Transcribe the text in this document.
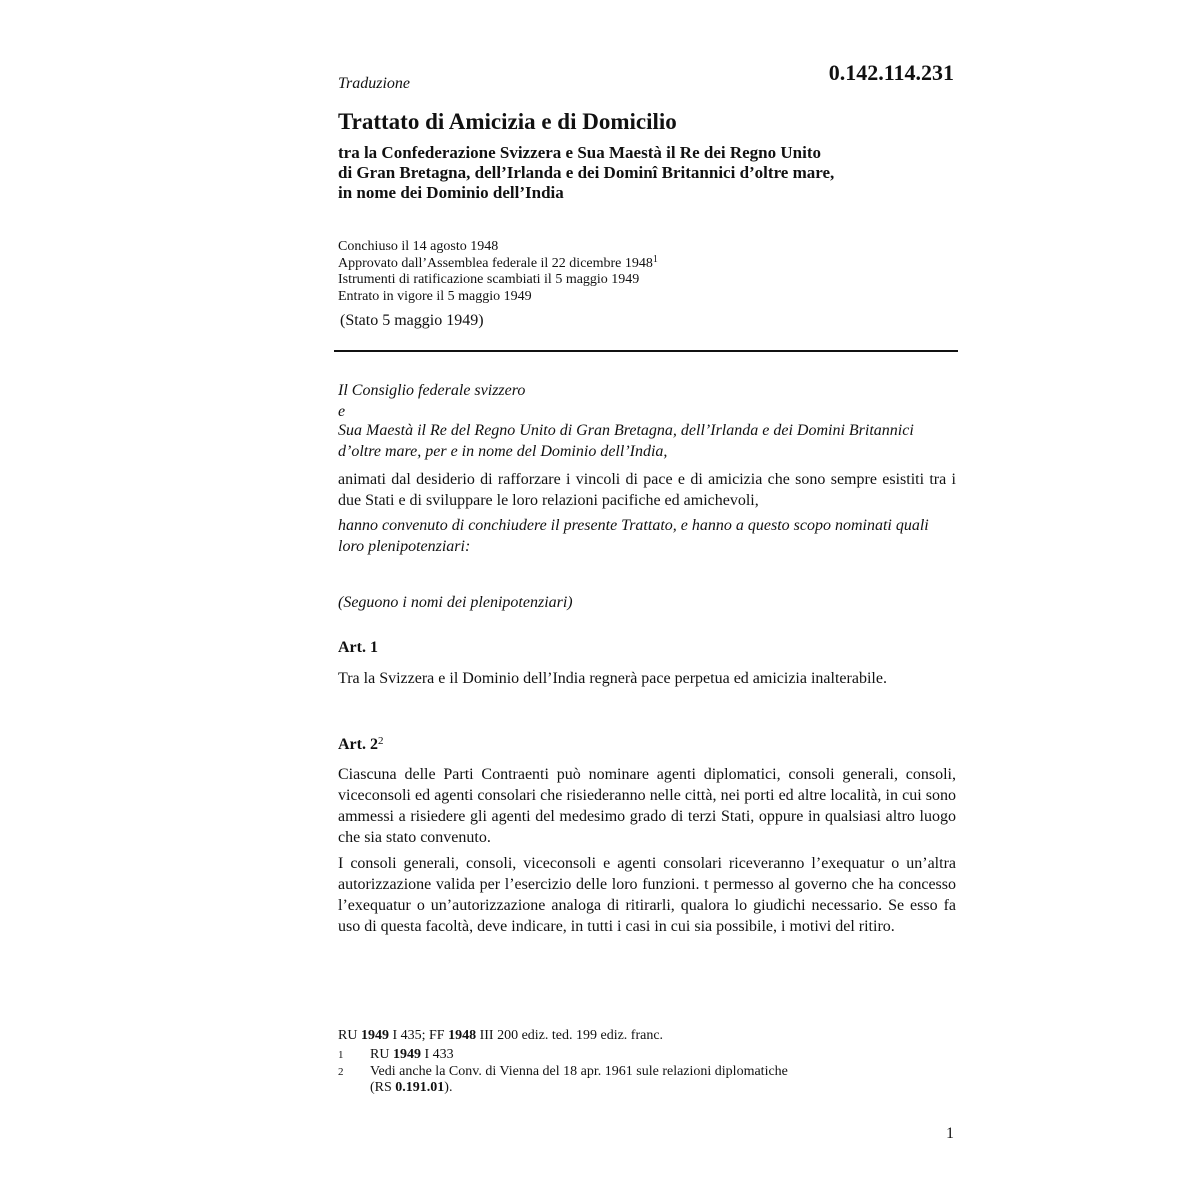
Traduzione	0.142.114.231
Trattato di Amicizia e di Domicilio
tra la Confederazione Svizzera e Sua Maestà il Re dei Regno Unito
di Gran Bretagna, dell’Irlanda e dei Dominî Britannici d’oltre mare,
in nome dei Dominio dell’India
Conchiuso il 14 agosto 1948
Approvato dall’Assemblea federale il 22 dicembre 1948$^1$
Istrumenti di ratificazione scambiati il 5 maggio 1949
Entrato in vigore il 5 maggio 1949
(Stato 5 maggio 1949)
Il Consiglio federale svizzero
e
Sua Maestà il Re del Regno Unito di Gran Bretagna, dell’Irlanda e dei Domini Britannici d’oltre mare, per e in nome del Dominio dell’India,
animati dal desiderio di rafforzare i vincoli di pace e di amicizia che sono sempre esistiti tra i due Stati e di sviluppare le loro relazioni pacifiche ed amichevoli,
hanno convenuto di conchiudere il presente Trattato, e hanno a questo scopo nominati quali loro plenipotenziari:
(Seguono i nomi dei plenipotenziari)
Art. 1
Tra la Svizzera e il Dominio dell’India regnerà pace perpetua ed amicizia inalterabile.
Art. $2^2$
Ciascuna delle Parti Contraenti può nominare agenti diplomatici, consoli generali, consoli, viceconsoli ed agenti consolari che risiederanno nelle città, nei porti ed altre località, in cui sono ammessi a risiedere gli agenti del medesimo grado di terzi Stati, oppure in qualsiasi altro luogo che sia stato convenuto.
I consoli generali, consoli, viceconsoli e agenti consolari riceveranno l’exequatur o un’altra autorizzazione valida per l’esercizio delle loro funzioni. t permesso al governo che ha concesso l’exequatur o un’autorizzazione analoga di ritirarli, qualora lo giudichi necessario. Se esso fa uso di questa facoltà, deve indicare, in tutti i casi in cui sia possibile, i motivi del ritiro.
RU 1949 I 435; FF 1948 III 200 ediz. ted. 199 ediz. franc.
1 RU 1949 I 433
2 Vedi anche la Conv. di Vienna del 18 apr. 1961 sule relazioni diplomatiche
(RS 0.191.01).
1
